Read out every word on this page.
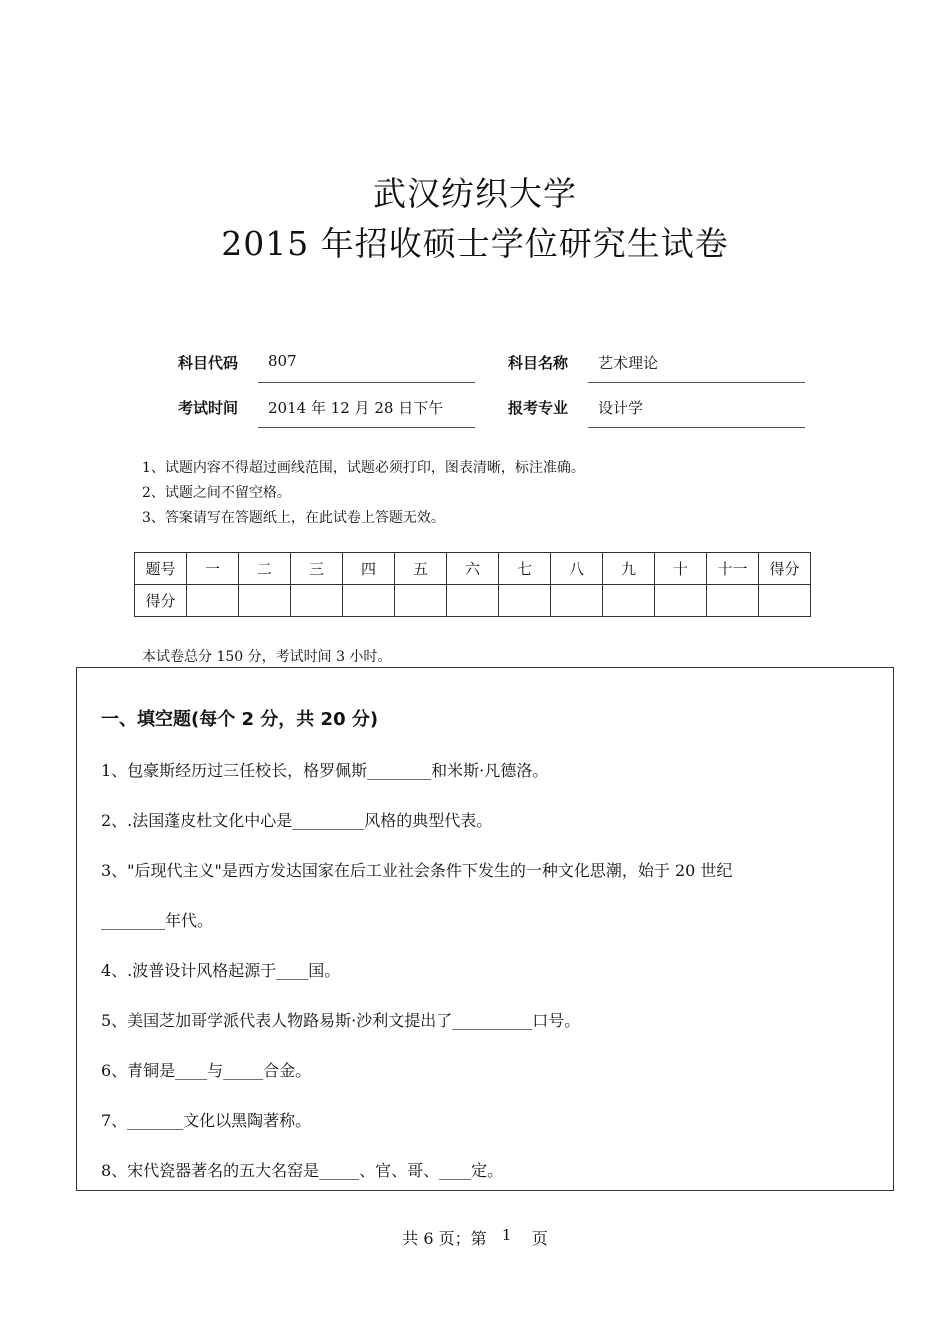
武汉纺织大学
2015 年招收硕士学位研究生试卷
科目代码 807	科目名称 艺术理论
考试时间 2014 年 12 月 28 日下午	报考专业 设计学
1、试题内容不得超过画线范围，试题必须打印，图表清晰，标注准确。
2、试题之间不留空格。
3、答案请写在答题纸上，在此试卷上答题无效。
题号	一	二	三	四	五	六	七	八	九	十	十一	得分
得分												
本试卷总分 150 分，考试时间 3 小时。
一、填空题(每个 2 分，共 20 分)
1、包豪斯经历过三任校长，格罗佩斯________和米斯·凡德洛。
2、.法国蓬皮杜文化中心是_________风格的典型代表。
3、"后现代主义"是西方发达国家在后工业社会条件下发生的一种文化思潮，始于 20 世纪
________年代。
4、.波普设计风格起源于____国。
5、美国芝加哥学派代表人物路易斯·沙利文提出了__________口号。
6、青铜是____与_____合金。
7、_______文化以黑陶著称。
8、宋代瓷器著名的五大名窑是_____、官、哥、____定。
共 6 页；第 1 页
